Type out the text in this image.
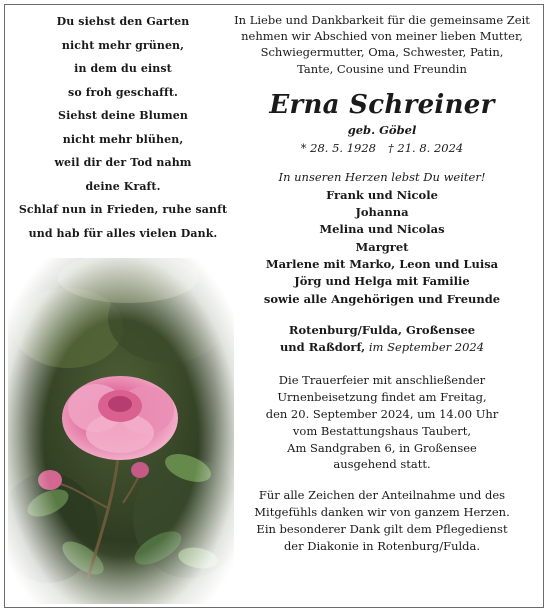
Du siehst den Garten
nicht mehr grünen,
in dem du einst
so froh geschafft.
Siehst deine Blumen
nicht mehr blühen,
weil dir der Tod nahm
deine Kraft.
Schlaf nun in Frieden, ruhe sanft
und hab für alles vielen Dank.
In Liebe und Dankbarkeit für die gemeinsame Zeit
nehmen wir Abschied von meiner lieben Mutter,
Schwiegermutter, Oma, Schwester, Patin,
Tante, Cousine und Freundin
Erna Schreiner
geb. Göbel
* 28. 5. 1928 † 21. 8. 2024
In unseren Herzen lebst Du weiter!
Frank und Nicole
Johanna
Melina und Nicolas
Margret
Marlene mit Marko, Leon und Luisa
Jörg und Helga mit Familie
sowie alle Angehörigen und Freunde
Rotenburg/Fulda, Großensee
und Raßdorf, im September 2024
Die Trauerfeier mit anschließender
Urnenbeisetzung findet am Freitag,
den 20. September 2024, um 14.00 Uhr
vom Bestattungshaus Taubert,
Am Sandgraben 6, in Großensee
ausgehend statt.
Für alle Zeichen der Anteilnahme und des
Mitgefühls danken wir von ganzem Herzen.
Ein besonderer Dank gilt dem Pflegedienst
der Diakonie in Rotenburg/Fulda.
